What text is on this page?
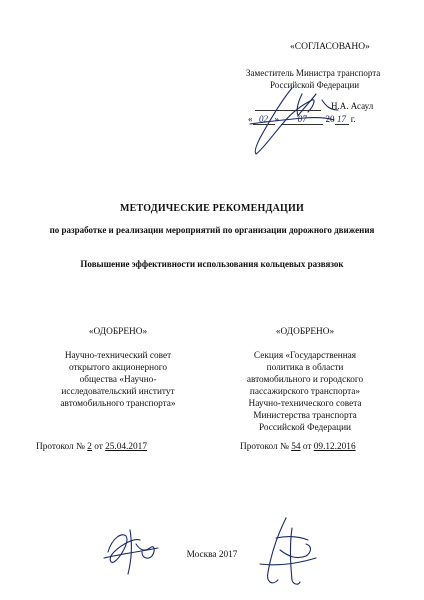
«СОГЛАСОВАНО»
Заместитель Министра транспорта
Российской Федерации
Н.А. Асаул
« 02 » 07 20 17 г.
МЕТОДИЧЕСКИЕ РЕКОМЕНДАЦИИ
по разработке и реализации мероприятий по организации дорожного движения
Повышение эффективности использования кольцевых развязок
«ОДОБРЕНО»
Научно-технический совет
открытого акционерного
общества «Научно-
исследовательский институт
автомобильного транспорта»
Протокол № 2 от 25.04.2017
«ОДОБРЕНО»
Секция «Государственная
политика в области
автомобильного и городского
пассажирского транспорта»
Научно-технического совета
Министерства транспорта
Российской Федерации
Протокол № 54 от 09.12.2016
Москва 2017
